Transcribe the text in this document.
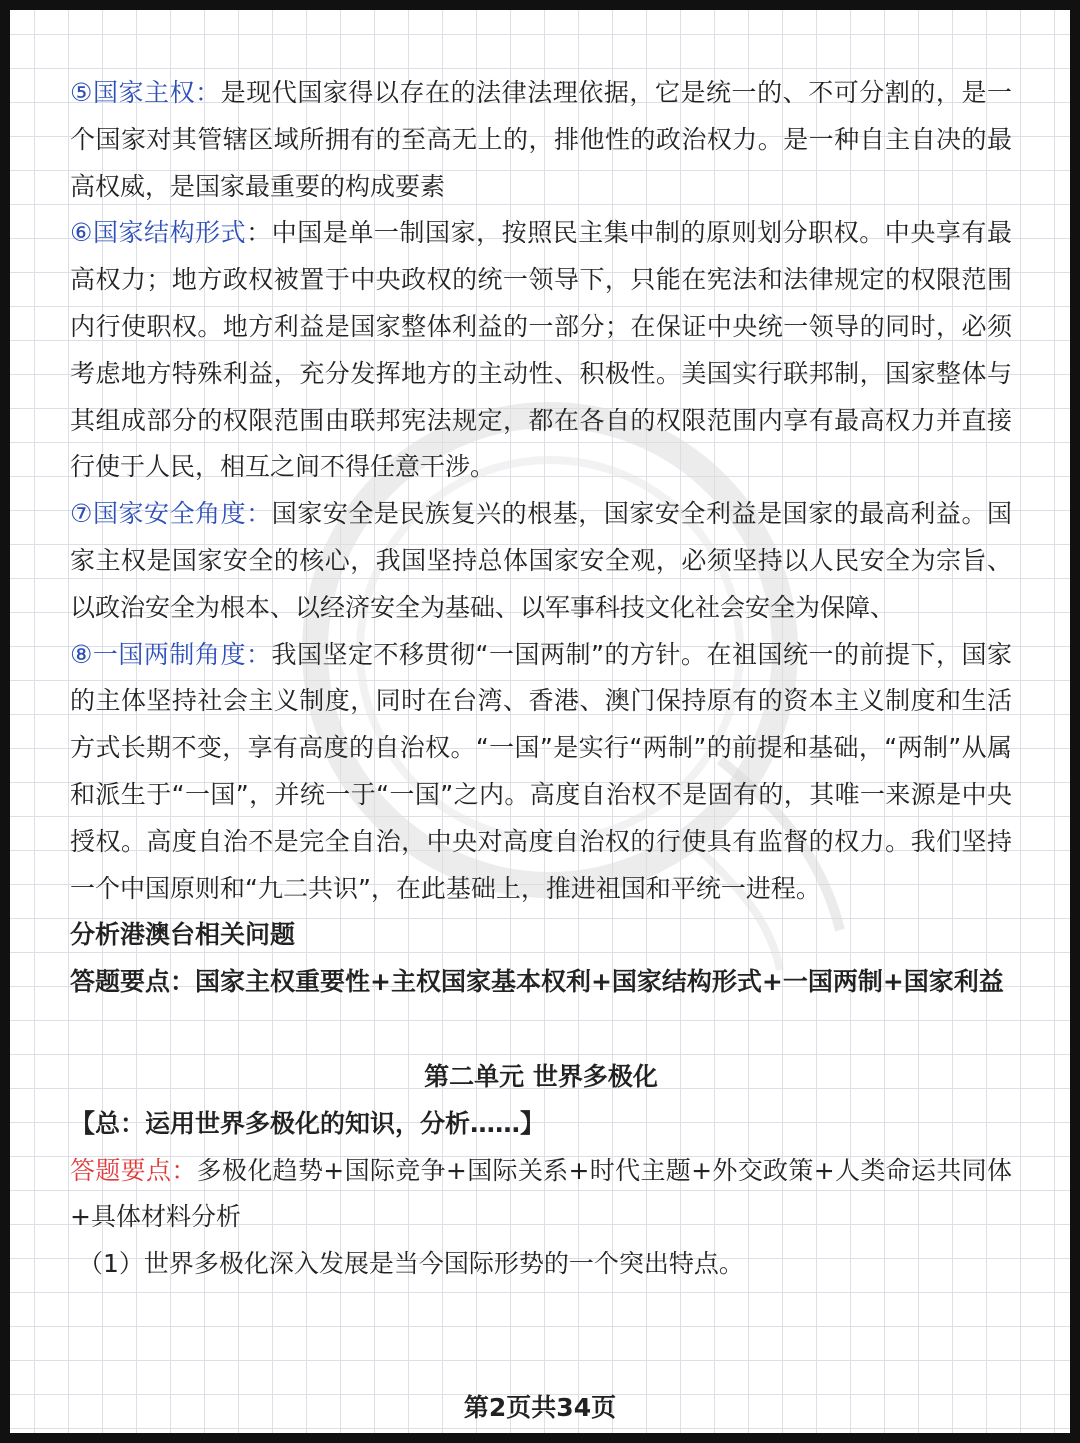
⑤国家主权：是现代国家得以存在的法律法理依据，它是统一的、不可分割的，是一个国家对其管辖区域所拥有的至高无上的，排他性的政治权力。是一种自主自决的最高权威，是国家最重要的构成要素

⑥国家结构形式：中国是单一制国家，按照民主集中制的原则划分职权。中央享有最高权力；地方政权被置于中央政权的统一领导下，只能在宪法和法律规定的权限范围内行使职权。地方利益是国家整体利益的一部分；在保证中央统一领导的同时，必须考虑地方特殊利益，充分发挥地方的主动性、积极性。美国实行联邦制，国家整体与其组成部分的权限范围由联邦宪法规定，都在各自的权限范围内享有最高权力并直接行使于人民，相互之间不得任意干涉。

⑦国家安全角度：国家安全是民族复兴的根基，国家安全利益是国家的最高利益。国家主权是国家安全的核心，我国坚持总体国家安全观，必须坚持以人民安全为宗旨、以政治安全为根本、以经济安全为基础、以军事科技文化社会安全为保障、

⑧一国两制角度：我国坚定不移贯彻“一国两制”的方针。在祖国统一的前提下，国家的主体坚持社会主义制度，同时在台湾、香港、澳门保持原有的资本主义制度和生活方式长期不变，享有高度的自治权。“一国”是实行“两制”的前提和基础，“两制”从属和派生于“一国”，并统一于“一国”之内。高度自治权不是固有的，其唯一来源是中央授权。高度自治不是完全自治，中央对高度自治权的行使具有监督的权力。我们坚持一个中国原则和“九二共识”，在此基础上，推进祖国和平统一进程。

分析港澳台相关问题

答题要点：国家主权重要性+主权国家基本权利+国家结构形式+一国两制+国家利益

第二单元 世界多极化

【总：运用世界多极化的知识，分析……】

答题要点：多极化趋势+国际竞争+国际关系+时代主题+外交政策+人类命运共同体+具体材料分析

（1）世界多极化深入发展是当今国际形势的一个突出特点。

第2页共34页
